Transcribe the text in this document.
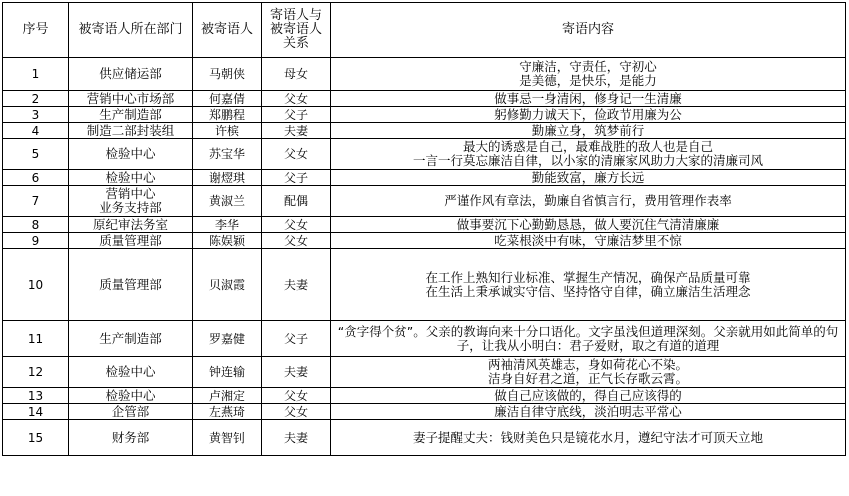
序号	被寄语人所在部门	被寄语人	寄语人与被寄语人关系	寄语内容
1	供应储运部	马朝侠	母女	守廉洁，守责任，守初心
是美德，是快乐，是能力
2	营销中心市场部	何嘉倩	父女	做事忌一身清闲，修身记一生清廉
3	生产制造部	郑鹏程	父子	躬修勤力诚天下，俭政节用廉为公
4	制造二部封装组	许槟	夫妻	勤廉立身，筑梦前行
5	检验中心	苏宝华	父女	最大的诱惑是自己，最难战胜的敌人也是自己
一言一行莫忘廉洁自律，以小家的清廉家风助力大家的清廉司风
6	检验中心	谢熤琪	父子	勤能致富，廉方长远
7	营销中心
业务支持部	黄淑兰	配偶	严谨作风有章法，勤廉自省慎言行，费用管理作表率
8	原纪审法务室	李华	父女	做事要沉下心勤勤恳恳，做人要沉住气清清廉廉
9	质量管理部	陈娱颖	父女	吃菜根淡中有味，守廉洁梦里不惊
10	质量管理部	贝淑霞	夫妻	在工作上熟知行业标准、掌握生产情况，确保产品质量可靠
在生活上秉承诚实守信、坚持恪守自律，确立廉洁生活理念
11	生产制造部	罗嘉健	父子	“贪字得个贫”。父亲的教诲向来十分口语化。文字虽浅但道理深刻。父亲就用如此简单的句子，让我从小明白：君子爱财，取之有道的道理
12	检验中心	钟连输	夫妻	两袖清风英雄志，身如荷花心不染。
洁身自好君之道，正气长存歌云霄。
13	检验中心	卢湘定	父女	做自己应该做的，得自己应该得的
14	企管部	左燕琦	父女	廉洁自律守底线，淡泊明志平常心
15	财务部	黄智钊	夫妻	妻子提醒丈夫：钱财美色只是镜花水月，遵纪守法才可顶天立地
